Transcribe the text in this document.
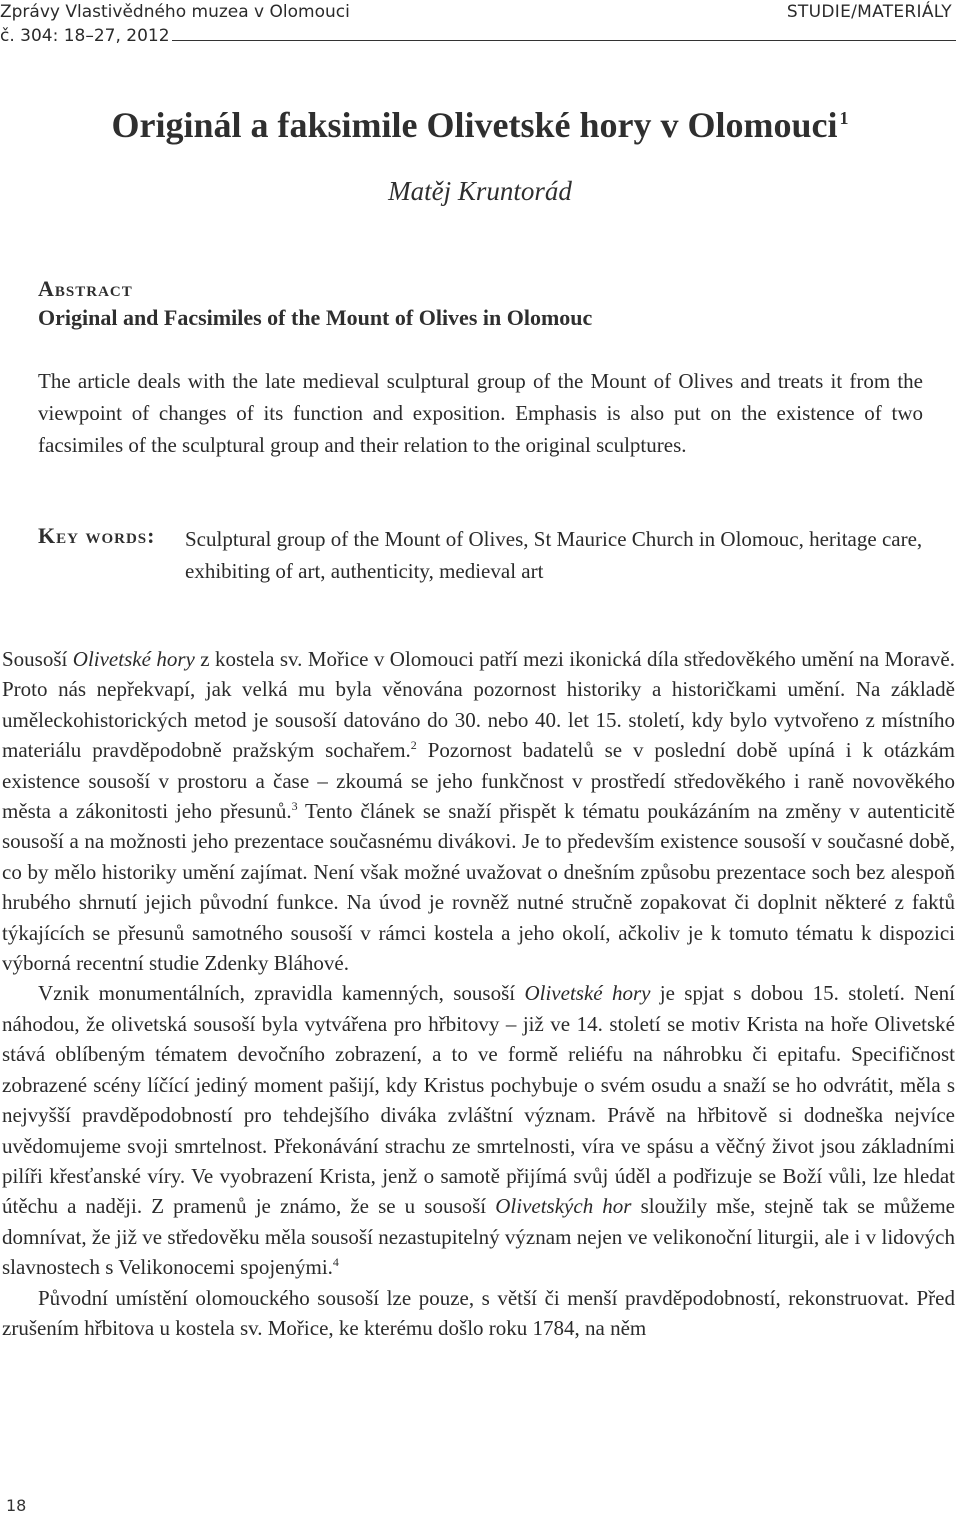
Zprávy Vlastivědného muzea v Olomouci
č. 304: 18–27, 2012
STUDIE/MATERIÁLY
Originál a faksimile Olivetské hory v Olomouci $^1$
Matěj Kruntorád
Abstract
Original and Facsimiles of the Mount of Olives in Olomouc
The article deals with the late medieval sculptural group of the Mount of Olives and treats it from the viewpoint of changes of its function and exposition. Emphasis is also put on the existence of two facsimiles of the sculptural group and their relation to the original sculptures.
Key words: Sculptural group of the Mount of Olives, St Maurice Church in Olomouc, heritage care, exhibiting of art, authenticity, medieval art

Sousoší Olivetské hory z kostela sv. Mořice v Olomouci patří mezi ikonická díla středověkého umění na Moravě. Proto nás nepřekvapí, jak velká mu byla věnována pozornost historiky a historičkami umění. Na základě uměleckohistorických metod je sousoší datováno do 30. nebo 40. let 15. století, kdy bylo vytvořeno z místního materiálu pravděpodobně pražským sochařem.$^2$ Pozornost badatelů se v poslední době upíná i k otázkám existence sousoší v prostoru a čase – zkoumá se jeho funkčnost v prostředí středověkého i raně novověkého města a zákonitosti jeho přesunů.$^3$ Tento článek se snaží přispět k tématu poukázáním na změny v autenticitě sousoší a na možnosti jeho prezentace současnému divákovi. Je to především existence sousoší v současné době, co by mělo historiky umění zajímat. Není však možné uvažovat o dnešním způsobu prezentace soch bez alespoň hrubého shrnutí jejich původní funkce. Na úvod je rovněž nutné stručně zopakovat či doplnit některé z faktů týkajících se přesunů samotného sousoší v rámci kostela a jeho okolí, ačkoliv je k tomuto tématu k dispozici výborná recentní studie Zdenky Bláhové.

Vznik monumentálních, zpravidla kamenných, sousoší Olivetské hory je spjat s dobou 15. století. Není náhodou, že olivetská sousoší byla vytvářena pro hřbitovy – již ve 14. století se motiv Krista na hoře Olivetské stává oblíbeným tématem devočního zobrazení, a to ve formě reliéfu na náhrobku či epitafu. Specifičnost zobrazené scény líčící jediný moment pašijí, kdy Kristus pochybuje o svém osudu a snaží se ho odvrátit, měla s nejvyšší pravděpodobností pro tehdejšího diváka zvláštní význam. Právě na hřbitově si dodneška nejvíce uvědomujeme svoji smrtelnost. Překonávání strachu ze smrtelnosti, víra ve spásu a věčný život jsou základními pilíři křesťanské víry. Ve vyobrazení Krista, jenž o samotě přijímá svůj úděl a podřizuje se Boží vůli, lze hledat útěchu a naději. Z pramenů je známo, že se u sousoší Olivetských hor sloužily mše, stejně tak se můžeme domnívat, že již ve středověku měla sousoší nezastupitelný význam nejen ve velikonoční liturgii, ale i v lidových slavnostech s Velikonocemi spojenými.$^4$

Původní umístění olomouckého sousoší lze pouze, s větší či menší pravděpodobností, rekonstruovat. Před zrušením hřbitova u kostela sv. Mořice, ke kterému došlo roku 1784, na něm

18
